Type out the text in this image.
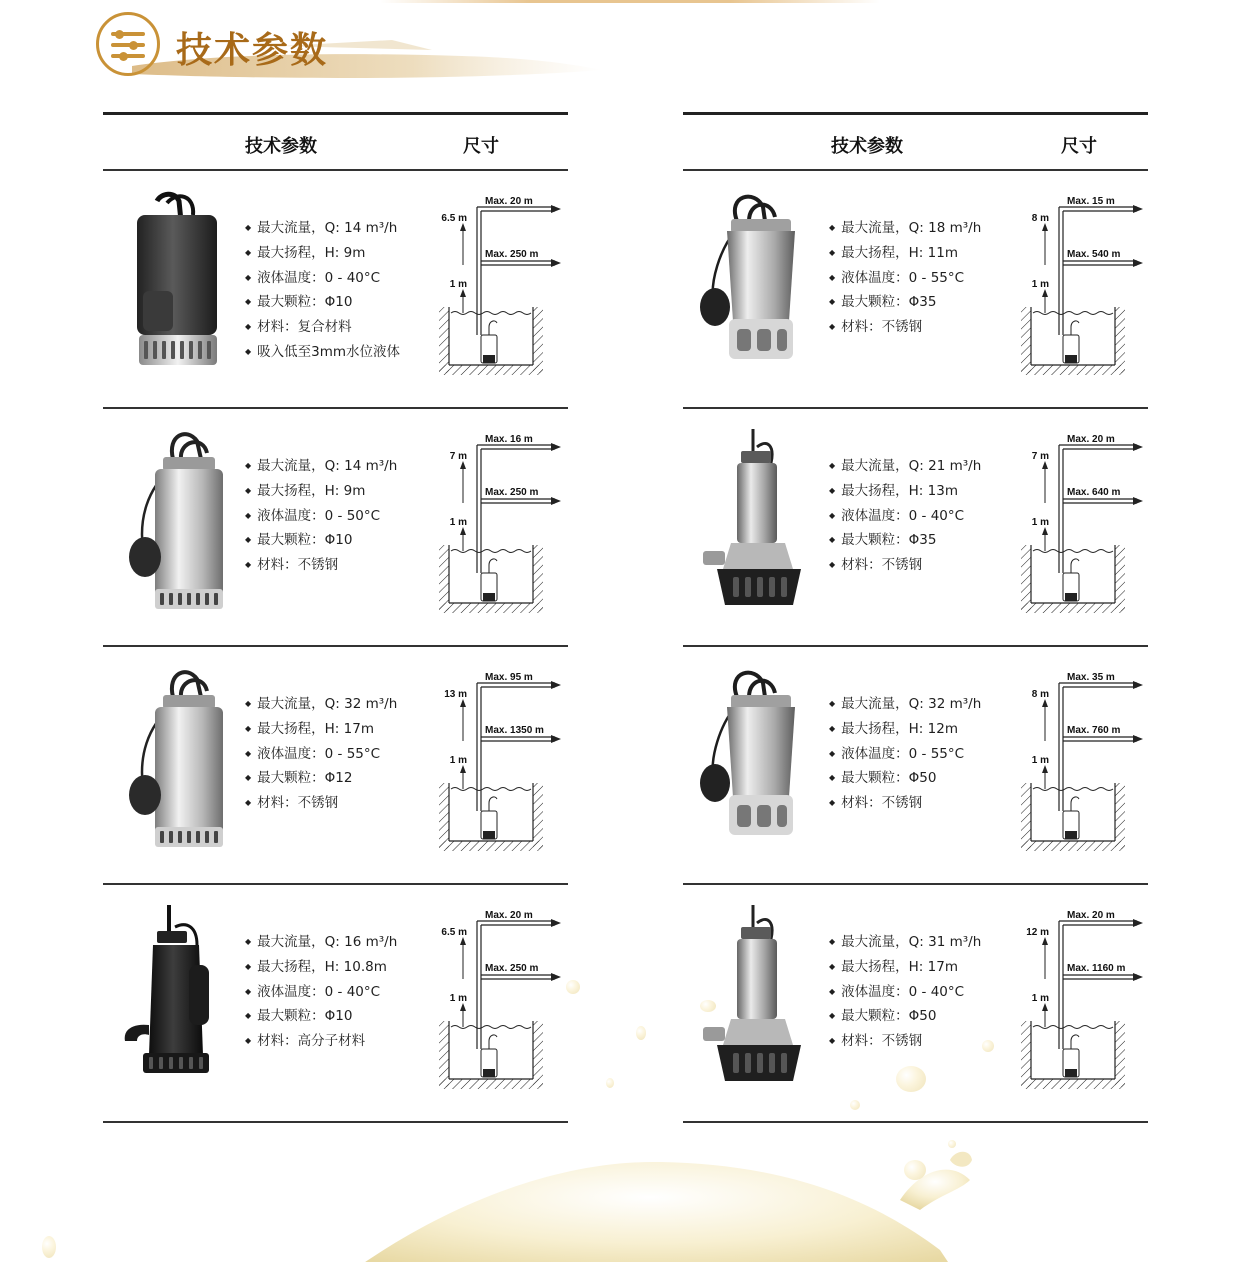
技术参数
技术参数	尺寸
◆ 最大流量，Q: 14 m³/h
◆ 最大扬程，H: 9m
◆ 液体温度：0 - 40°C
◆ 最大颗粒：Φ10
◆ 材料：复合材料
◆ 吸入低至3mm水位液体
6.5 m
1 m
Max. 20 m
Max. 250 m
◆ 最大流量，Q: 14 m³/h
◆ 最大扬程，H: 9m
◆ 液体温度：0 - 50°C
◆ 最大颗粒：Φ10
◆ 材料：不锈钢
7 m
1 m
Max. 16 m
Max. 250 m
◆ 最大流量，Q: 32 m³/h
◆ 最大扬程，H: 17m
◆ 液体温度：0 - 55°C
◆ 最大颗粒：Φ12
◆ 材料：不锈钢
13 m
1 m
Max. 95 m
Max. 1350 m
◆ 最大流量，Q: 16 m³/h
◆ 最大扬程，H: 10.8m
◆ 液体温度：0 - 40°C
◆ 最大颗粒：Φ10
◆ 材料：高分子材料
6.5 m
1 m
Max. 20 m
Max. 250 m
技术参数	尺寸
◆ 最大流量，Q: 18 m³/h
◆ 最大扬程，H: 11m
◆ 液体温度：0 - 55°C
◆ 最大颗粒：Φ35
◆ 材料：不锈钢
8 m
1 m
Max. 15 m
Max. 540 m
◆ 最大流量，Q: 21 m³/h
◆ 最大扬程，H: 13m
◆ 液体温度：0 - 40°C
◆ 最大颗粒：Φ35
◆ 材料：不锈钢
7 m
1 m
Max. 20 m
Max. 640 m
◆ 最大流量，Q: 32 m³/h
◆ 最大扬程，H: 12m
◆ 液体温度：0 - 55°C
◆ 最大颗粒：Φ50
◆ 材料：不锈钢
8 m
1 m
Max. 35 m
Max. 760 m
◆ 最大流量，Q: 31 m³/h
◆ 最大扬程，H: 17m
◆ 液体温度：0 - 40°C
◆ 最大颗粒：Φ50
◆ 材料：不锈钢
12 m
1 m
Max. 20 m
Max. 1160 m
